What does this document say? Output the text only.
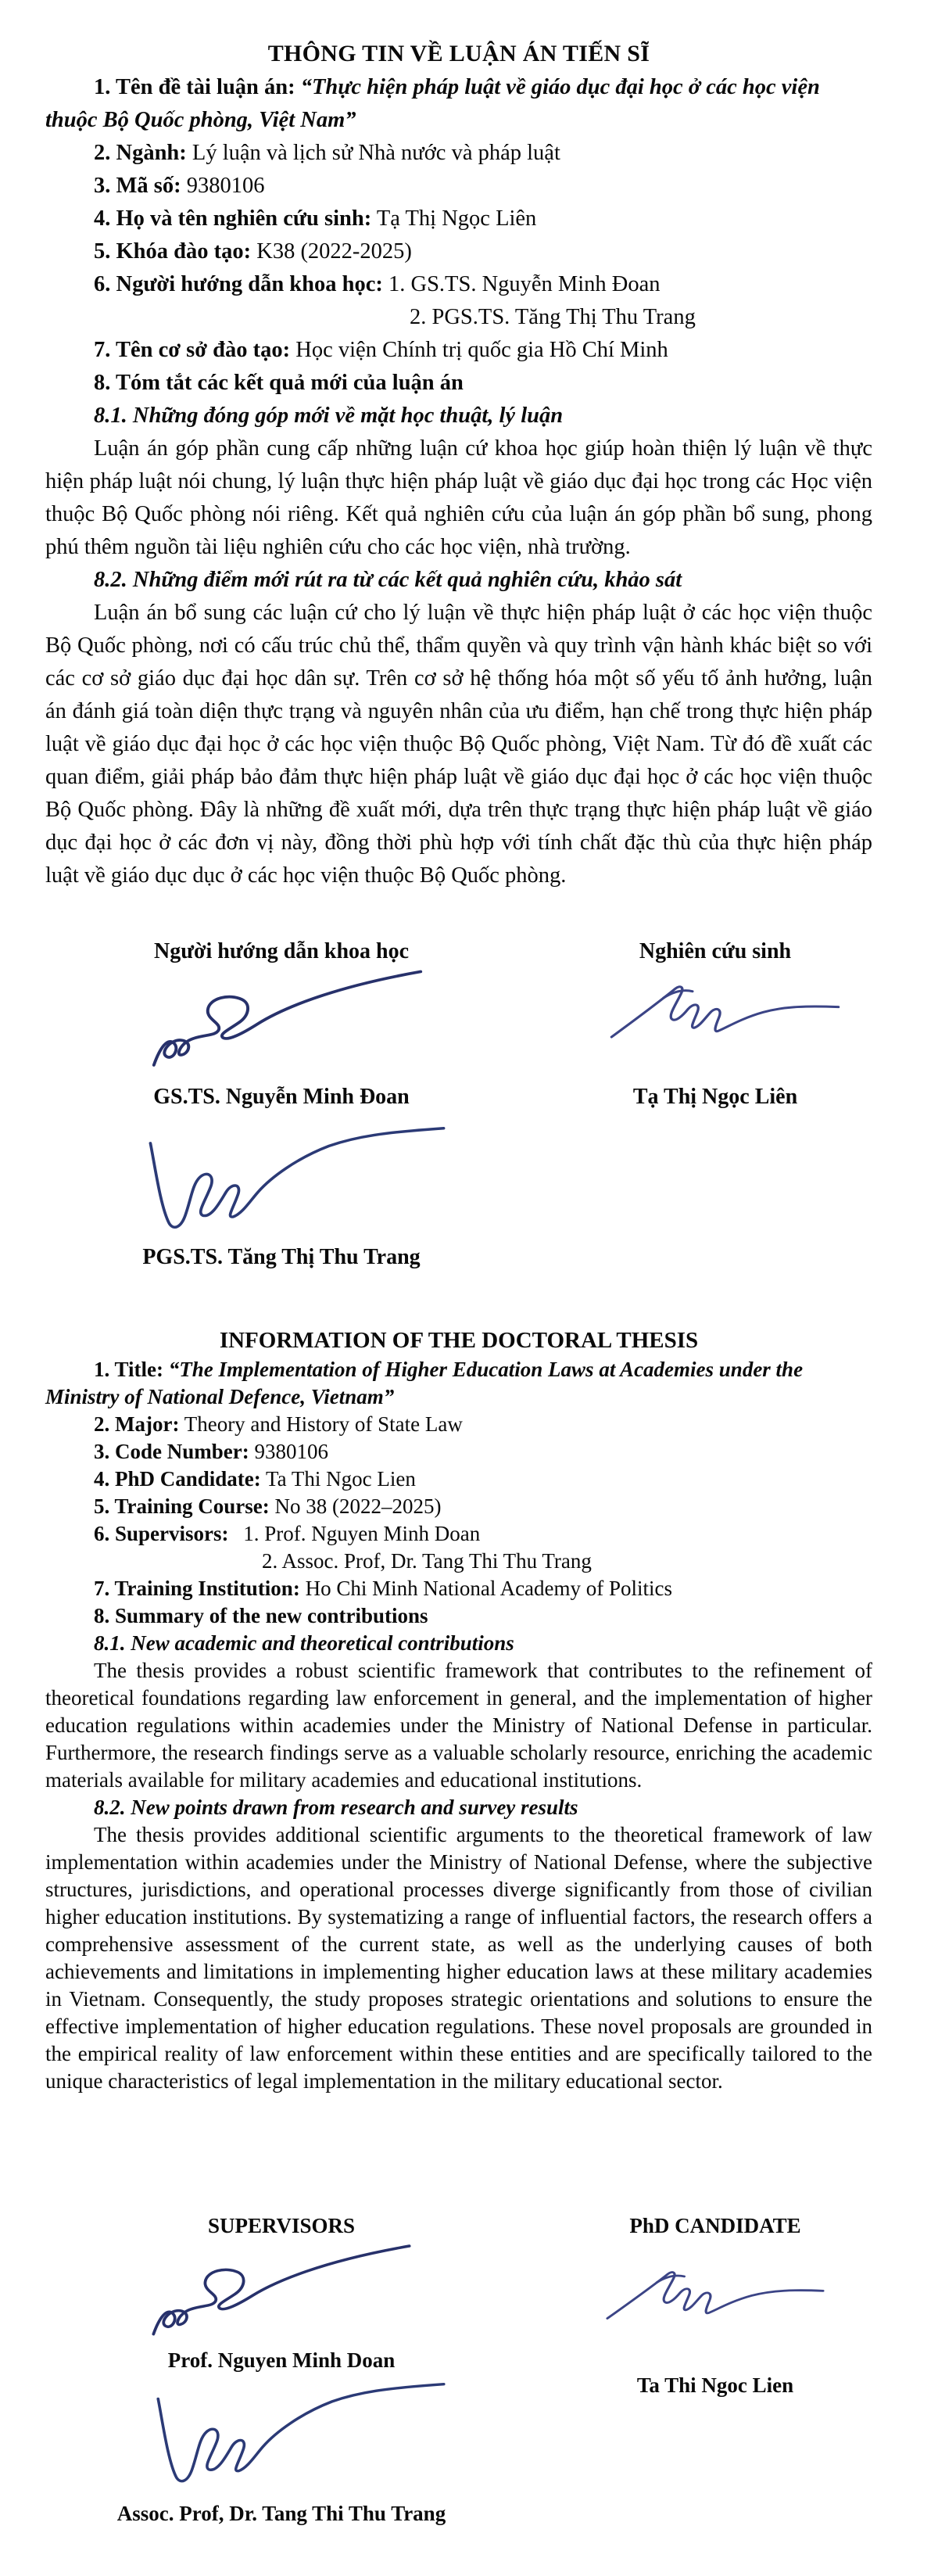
THÔNG TIN VỀ LUẬN ÁN TIẾN SĨ
1. Tên đề tài luận án: “Thực hiện pháp luật về giáo dục đại học ở các học viện thuộc Bộ Quốc phòng, Việt Nam”
2. Ngành: Lý luận và lịch sử Nhà nước và pháp luật
3. Mã số: 9380106
4. Họ và tên nghiên cứu sinh: Tạ Thị Ngọc Liên
5. Khóa đào tạo: K38 (2022-2025)
6. Người hướng dẫn khoa học: 1. GS.TS. Nguyễn Minh Đoan
2. PGS.TS. Tăng Thị Thu Trang
7. Tên cơ sở đào tạo: Học viện Chính trị quốc gia Hồ Chí Minh
8. Tóm tắt các kết quả mới của luận án
8.1. Những đóng góp mới về mặt học thuật, lý luận

Luận án góp phần cung cấp những luận cứ khoa học giúp hoàn thiện lý luận về thực hiện pháp luật nói chung, lý luận thực hiện pháp luật về giáo dục đại học trong các Học viện thuộc Bộ Quốc phòng nói riêng. Kết quả nghiên cứu của luận án góp phần bổ sung, phong phú thêm nguồn tài liệu nghiên cứu cho các học viện, nhà trường.

8.2. Những điểm mới rút ra từ các kết quả nghiên cứu, khảo sát

Luận án bổ sung các luận cứ cho lý luận về thực hiện pháp luật ở các học viện thuộc Bộ Quốc phòng, nơi có cấu trúc chủ thể, thẩm quyền và quy trình vận hành khác biệt so với các cơ sở giáo dục đại học dân sự. Trên cơ sở hệ thống hóa một số yếu tố ảnh hưởng, luận án đánh giá toàn diện thực trạng và nguyên nhân của ưu điểm, hạn chế trong thực hiện pháp luật về giáo dục đại học ở các học viện thuộc Bộ Quốc phòng, Việt Nam. Từ đó đề xuất các quan điểm, giải pháp bảo đảm thực hiện pháp luật về giáo dục đại học ở các học viện thuộc Bộ Quốc phòng. Đây là những đề xuất mới, dựa trên thực trạng thực hiện pháp luật về giáo dục đại học ở các đơn vị này, đồng thời phù hợp với tính chất đặc thù của thực hiện pháp luật về giáo dục dục ở các học viện thuộc Bộ Quốc phòng.

Người hướng dẫn khoa học	Nghiên cứu sinh
GS.TS. Nguyễn Minh Đoan	Tạ Thị Ngọc Liên
PGS.TS. Tăng Thị Thu Trang
INFORMATION OF THE DOCTORAL THESIS
1. Title: “The Implementation of Higher Education Laws at Academies under the Ministry of National Defence, Vietnam”
2. Major: Theory and History of State Law
3. Code Number: 9380106
4. PhD Candidate: Ta Thi Ngoc Lien
5. Training Course: No 38 (2022–2025)
6. Supervisors: 1. Prof. Nguyen Minh Doan
2. Assoc. Prof, Dr. Tang Thi Thu Trang
7. Training Institution: Ho Chi Minh National Academy of Politics
8. Summary of the new contributions
8.1. New academic and theoretical contributions

The thesis provides a robust scientific framework that contributes to the refinement of theoretical foundations regarding law enforcement in general, and the implementation of higher education regulations within academies under the Ministry of National Defense in particular. Furthermore, the research findings serve as a valuable scholarly resource, enriching the academic materials available for military academies and educational institutions.

8.2. New points drawn from research and survey results

The thesis provides additional scientific arguments to the theoretical framework of law implementation within academies under the Ministry of National Defense, where the subjective structures, jurisdictions, and operational processes diverge significantly from those of civilian higher education institutions. By systematizing a range of influential factors, the research offers a comprehensive assessment of the current state, as well as the underlying causes of both achievements and limitations in implementing higher education laws at these military academies in Vietnam. Consequently, the study proposes strategic orientations and solutions to ensure the effective implementation of higher education regulations. These novel proposals are grounded in the empirical reality of law enforcement within these entities and are specifically tailored to the unique characteristics of legal implementation in the military educational sector.

SUPERVISORS	PhD CANDIDATE
Prof. Nguyen Minh Doan
Ta Thi Ngoc Lien
Assoc. Prof, Dr. Tang Thi Thu Trang
